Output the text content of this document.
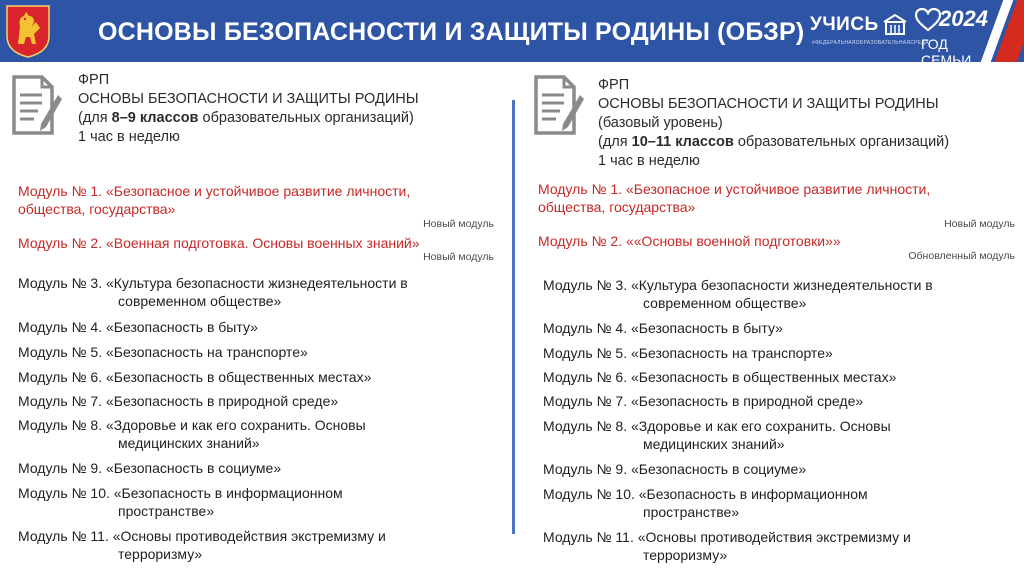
ОСНОВЫ БЕЗОПАСНОСТИ И ЗАЩИТЫ РОДИНЫ (ОБЗР) УЧИСЬ
#ФЕДЕРАЛЬНАЯОБРАЗОВАТЕЛЬНАЯСРЕДА
2024
ГОД СЕМЬИ
ФРП
ОСНОВЫ БЕЗОПАСНОСТИ И ЗАЩИТЫ РОДИНЫ
(для 8–9 классов образовательных организаций)
1 час в неделю
Модуль № 1. «Безопасное и устойчивое развитие личности,
общества, государства»
Новый модуль
Модуль № 2. «Военная подготовка. Основы военных знаний»
Новый модуль
Модуль № 3. «Культура безопасности жизнедеятельности в
современном обществе»
Модуль № 4. «Безопасность в быту»
Модуль № 5. «Безопасность на транспорте»
Модуль № 6. «Безопасность в общественных местах»
Модуль № 7. «Безопасность в природной среде»
Модуль № 8. «Здоровье и как его сохранить. Основы
медицинских знаний»
Модуль № 9. «Безопасность в социуме»
Модуль № 10. «Безопасность в информационном
пространстве»
Модуль № 11. «Основы противодействия экстремизму и
терроризму»
ФРП
ОСНОВЫ БЕЗОПАСНОСТИ И ЗАЩИТЫ РОДИНЫ
(базовый уровень)
(для 10–11 классов образовательных организаций)
1 час в неделю
Модуль № 1. «Безопасное и устойчивое развитие личности,
общества, государства»
Новый модуль
Модуль № 2. ««Основы военной подготовки»»
Обновленный модуль
Модуль № 3. «Культура безопасности жизнедеятельности в
современном обществе»
Модуль № 4. «Безопасность в быту»
Модуль № 5. «Безопасность на транспорте»
Модуль № 6. «Безопасность в общественных местах»
Модуль № 7. «Безопасность в природной среде»
Модуль № 8. «Здоровье и как его сохранить. Основы
медицинских знаний»
Модуль № 9. «Безопасность в социуме»
Модуль № 10. «Безопасность в информационном
пространстве»
Модуль № 11. «Основы противодействия экстремизму и
терроризму»
